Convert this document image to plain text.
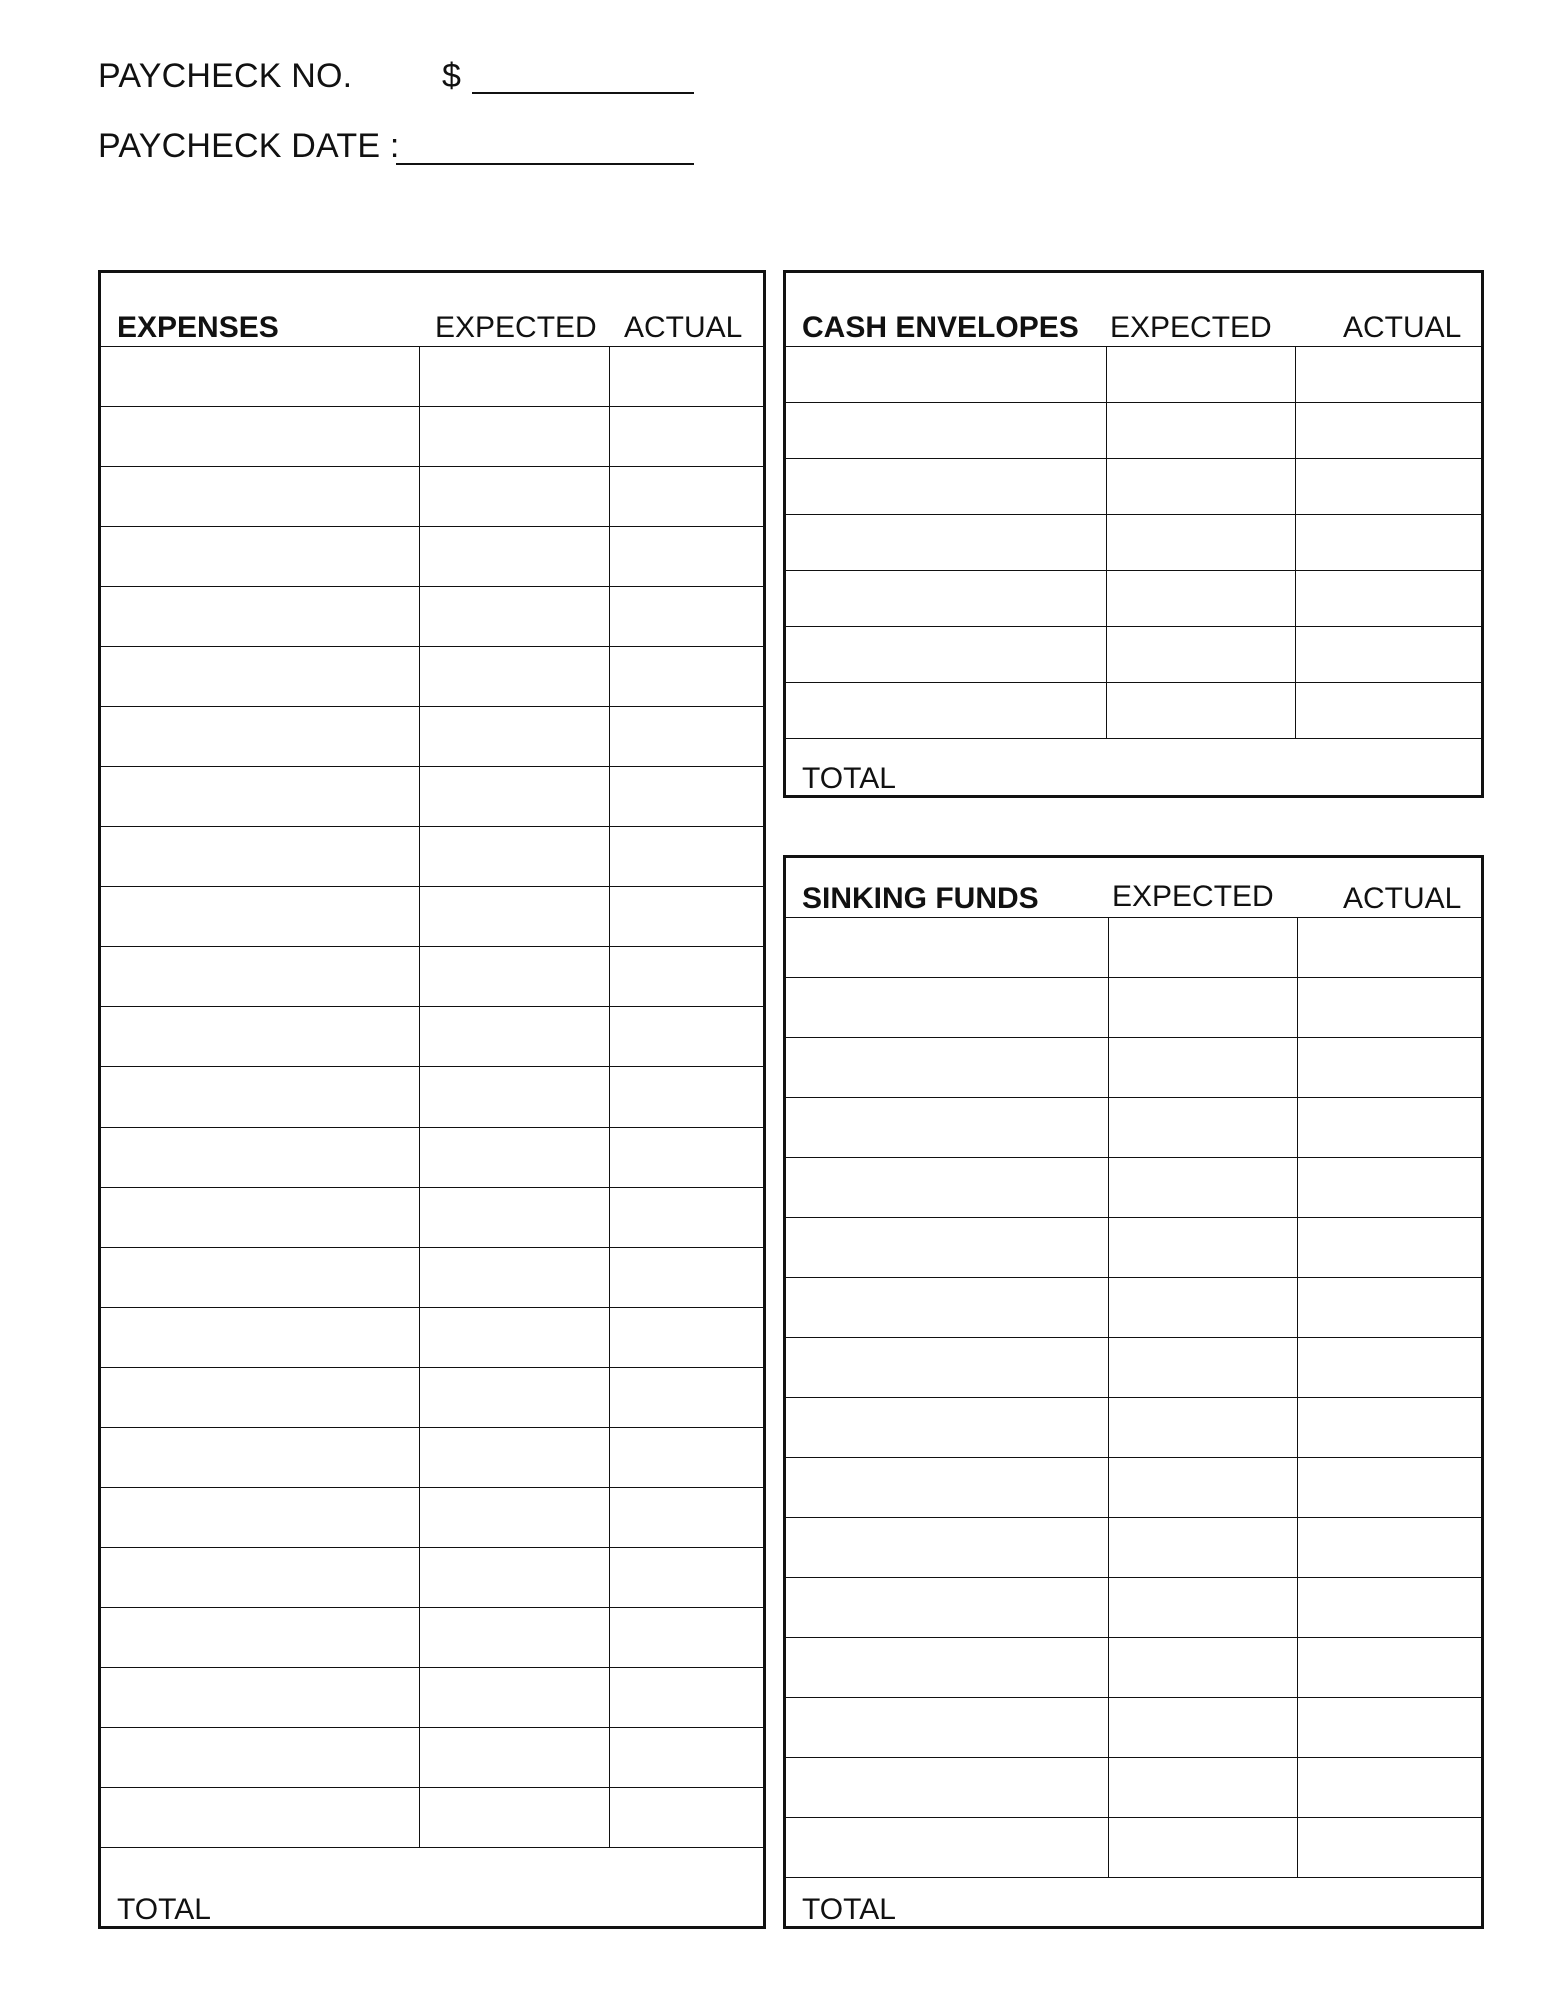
PAYCHECK NO.	$
PAYCHECK DATE :
EXPENSES	EXPECTED ACTUAL
TOTAL
CASH ENVELOPES EXPECTED ACTUAL
TOTAL
SINKING FUNDS EXPECTED ACTUAL
TOTAL
